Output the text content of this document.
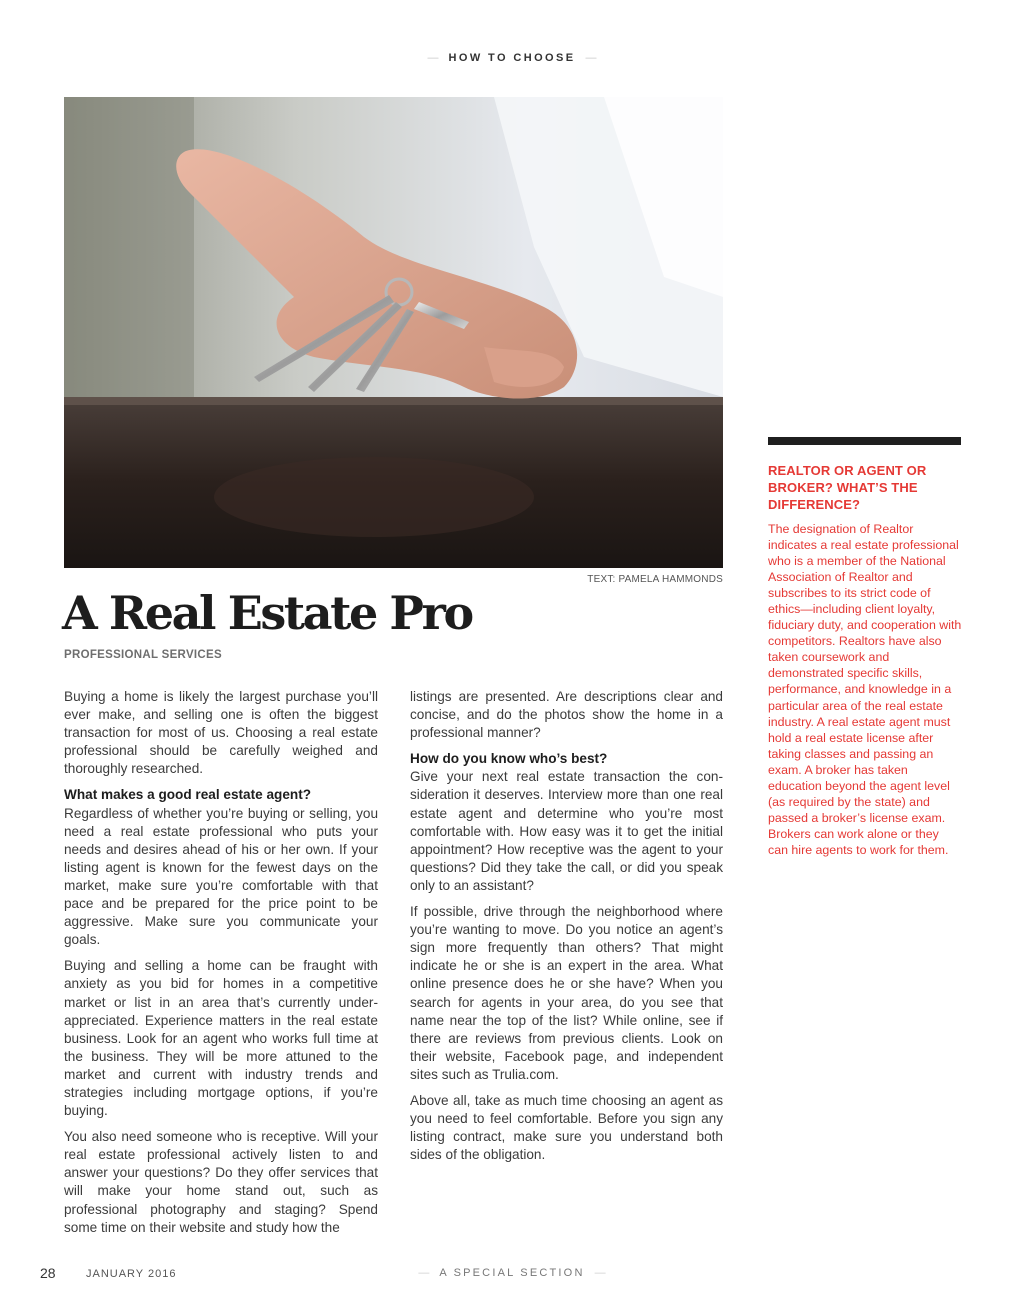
— HOW TO CHOOSE —
TEXT: PAMELA HAMMONDS
A Real Estate Pro
PROFESSIONAL SERVICES

Buying a home is likely the largest purchase you’ll ever make, and selling one is often the biggest transaction for most of us. Choosing a real estate professional should be carefully weighed and thoroughly researched.

What makes a good real estate agent?
Regardless of whether you’re buying or selling, you need a real estate professional who puts your needs and desires ahead of his or her own. If your listing agent is known for the fewest days on the market, make sure you’re comfortable with that pace and be prepared for the price point to be aggressive. Make sure you communicate your goals.

Buying and selling a home can be fraught with anxiety as you bid for homes in a competitive market or list in an area that’s currently underappreciated. Experience matters in the real estate business. Look for an agent who works full time at the business. They will be more attuned to the market and current with industry trends and strategies including mortgage options, if you’re buying.

You also need someone who is receptive. Will your real estate professional actively listen to and answer your questions? Do they offer services that will make your home stand out, such as professional photography and staging? Spend some time on their website and study how the

listings are presented. Are descriptions clear and concise, and do the photos show the home in a professional manner?

How do you know who’s best?
Give your next real estate transaction the consideration it deserves. Interview more than one real estate agent and determine who you’re most comfortable with. How easy was it to get the initial appointment? How receptive was the agent to your questions? Did they take the call, or did you speak only to an assistant?

If possible, drive through the neighborhood where you’re wanting to move. Do you notice an agent’s sign more frequently than others? That might indicate he or she is an expert in the area. What online presence does he or she have? When you search for agents in your area, do you see that name near the top of the list? While online, see if there are reviews from previous clients. Look on their website, Facebook page, and independent sites such as Trulia.com.

Above all, take as much time choosing an agent as you need to feel comfortable. Before you sign any listing contract, make sure you understand both sides of the obligation.

REALTOR OR AGENT OR BROKER? WHAT’S THE DIFFERENCE?

The designation of Realtor indicates a real estate professional who is a member of the National Association of Realtor and subscribes to its strict code of ethics—including client loyalty, fiduciary duty, and cooperation with competitors. Realtors have also taken coursework and demonstrated specific skills, performance, and knowledge in a particular area of the real estate industry. A real estate agent must hold a real estate license after taking classes and passing an exam. A broker has taken education beyond the agent level (as required by the state) and passed a broker’s license exam. Brokers can work alone or they can hire agents to work for them.

28	JANUARY 2016	— A SPECIAL SECTION —
